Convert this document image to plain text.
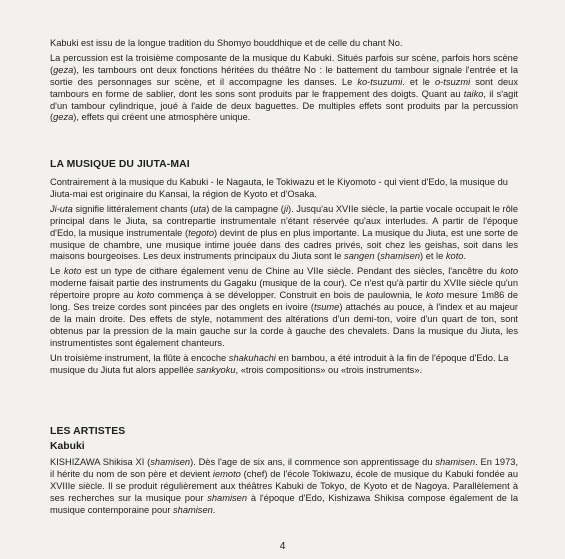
Kabuki est issu de la longue tradition du Shomyo bouddhique et de celle du chant No.

La percussion est la troisième composante de la musique du Kabuki. Situés parfois sur scène, parfois hors scène (geza), les tambours ont deux fonctions héritées du théâtre No : le battement du tambour signale l'entrée et la sortie des personnages sur scène, et il accompagne les danses. Le ko-tsuzumi. et le o-tsuzmi sont deux tambours en forme de sablier, dont les sons sont produits par le frappement des doigts. Quant au taiko, il s'agit d'un tambour cylindrique, joué à l'aide de deux baguettes. De multiples effets sont produits par la percussion (geza), effets qui créent une atmosphère unique.

LA MUSIQUE DU JIUTA-MAI

Contrairement à la musique du Kabuki - le Nagauta, le Tokiwazu et le Kiyomoto - qui vient d'Edo, la musique du Jiuta-mai est originaire du Kansai, la région de Kyoto et d'Osaka.

Ji-uta signifie littéralement chants (uta) de la campagne (ji). Jusqu'au XVIIe siècle, la partie vocale occupait le rôle principal dans le Jiuta, sa contrepartie instrumentale n'étant réservée qu'aux interludes. A partir de l'époque d'Edo, la musique instrumentale (tegoto) devint de plus en plus importante. La musique du Jiuta, est une sorte de musique de chambre, une musique intime jouée dans des cadres privés, soit chez les geishas, soit dans les maisons bourgeoises. Les deux instruments principaux du Jiuta sont le sangen (shamisen) et le koto.

Le koto est un type de cithare également venu de Chine au VIIe siècle. Pendant des siècles, l'ancêtre du koto moderne faisait partie des instruments du Gagaku (musique de la cour). Ce n'est qu'à partir du XVIIe siècle qu'un répertoire propre au koto commença à se développer. Construit en bois de paulownia, le koto mesure 1m86 de long. Ses treize cordes sont pincées par des onglets en ivoire (tsume) attachés au pouce, à l'index et au majeur de la main droite. Des effets de style, notamment des altérations d'un demi-ton, voire d'un quart de ton, sont obtenus par la pression de la main gauche sur la corde à gauche des chevalets. Dans la musique du Jiuta, les instrumentistes sont également chanteurs.

Un troisième instrument, la flûte à encoche shakuhachi en bambou, a été introduit à la fin de l'époque d'Edo. La musique du Jiuta fut alors appellée sankyoku, «trois compositions» ou «trois instruments».

LES ARTISTES
Kabuki

KISHIZAWA Shikisa XI (shamisen). Dès l'age de six ans, il commence son apprentissage du shamisen. En 1973, il hérite du nom de son père et devient iemoto (chef) de l'école Tokiwazu, école de musique du Kabuki fondée au XVIIIe siècle. Il se produit régulièrement aux théâtres Kabuki de Tokyo, de Kyoto et de Nagoya. Parallèlement à ses recherches sur la musique pour shamisen à l'époque d'Edo, Kishizawa Shikisa compose également de la musique contemporaine pour shamisen.

4
